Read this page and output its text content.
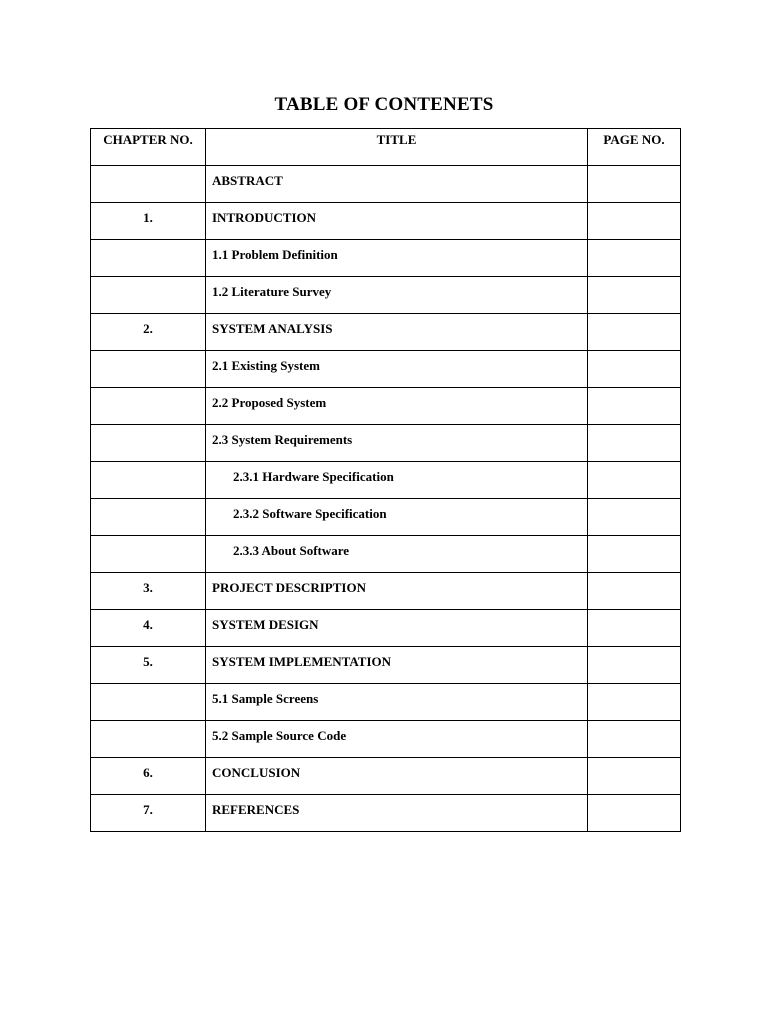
TABLE OF CONTENETS
CHAPTER NO.	TITLE	PAGE NO.
	ABSTRACT	
1.	INTRODUCTION	
	1.1 Problem Definition	
	1.2 Literature Survey	
2.	SYSTEM ANALYSIS	
	2.1 Existing System	
	2.2 Proposed System	
	2.3 System Requirements	
	2.3.1 Hardware Specification	
	2.3.2 Software Specification	
	2.3.3 About Software	
3.	PROJECT DESCRIPTION	
4.	SYSTEM DESIGN	
5.	SYSTEM IMPLEMENTATION	
	5.1 Sample Screens	
	5.2 Sample Source Code	
6.	CONCLUSION	
7.	REFERENCES	
